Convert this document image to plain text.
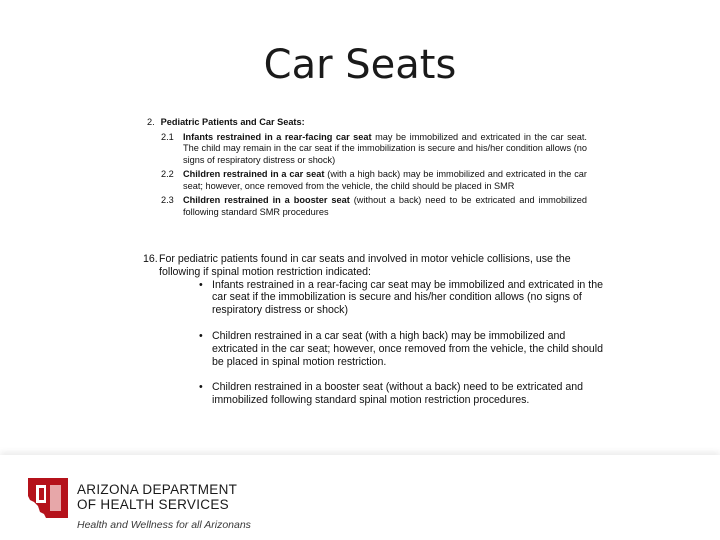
Car Seats
2. Pediatric Patients and Car Seats:
2.1 Infants restrained in a rear-facing car seat may be immobilized and extricated in the car seat. The child may remain in the car seat if the immobilization is secure and his/her condition allows (no signs of respiratory distress or shock)
2.2 Children restrained in a car seat (with a high back) may be immobilized and extricated in the car seat; however, once removed from the vehicle, the child should be placed in SMR
2.3 Children restrained in a booster seat (without a back) need to be extricated and immobilized following standard SMR procedures
16. For pediatric patients found in car seats and involved in motor vehicle collisions, use the following if spinal motion restriction indicated:
• Infants restrained in a rear-facing car seat may be immobilized and extricated in the car seat if the immobilization is secure and his/her condition allows (no signs of respiratory distress or shock)
• Children restrained in a car seat (with a high back) may be immobilized and extricated in the car seat; however, once removed from the vehicle, the child should be placed in spinal motion restriction.
• Children restrained in a booster seat (without a back) need to be extricated and immobilized following standard spinal motion restriction procedures.
ARIZONA DEPARTMENT
OF HEALTH SERVICES
Health and Wellness for all Arizonans
